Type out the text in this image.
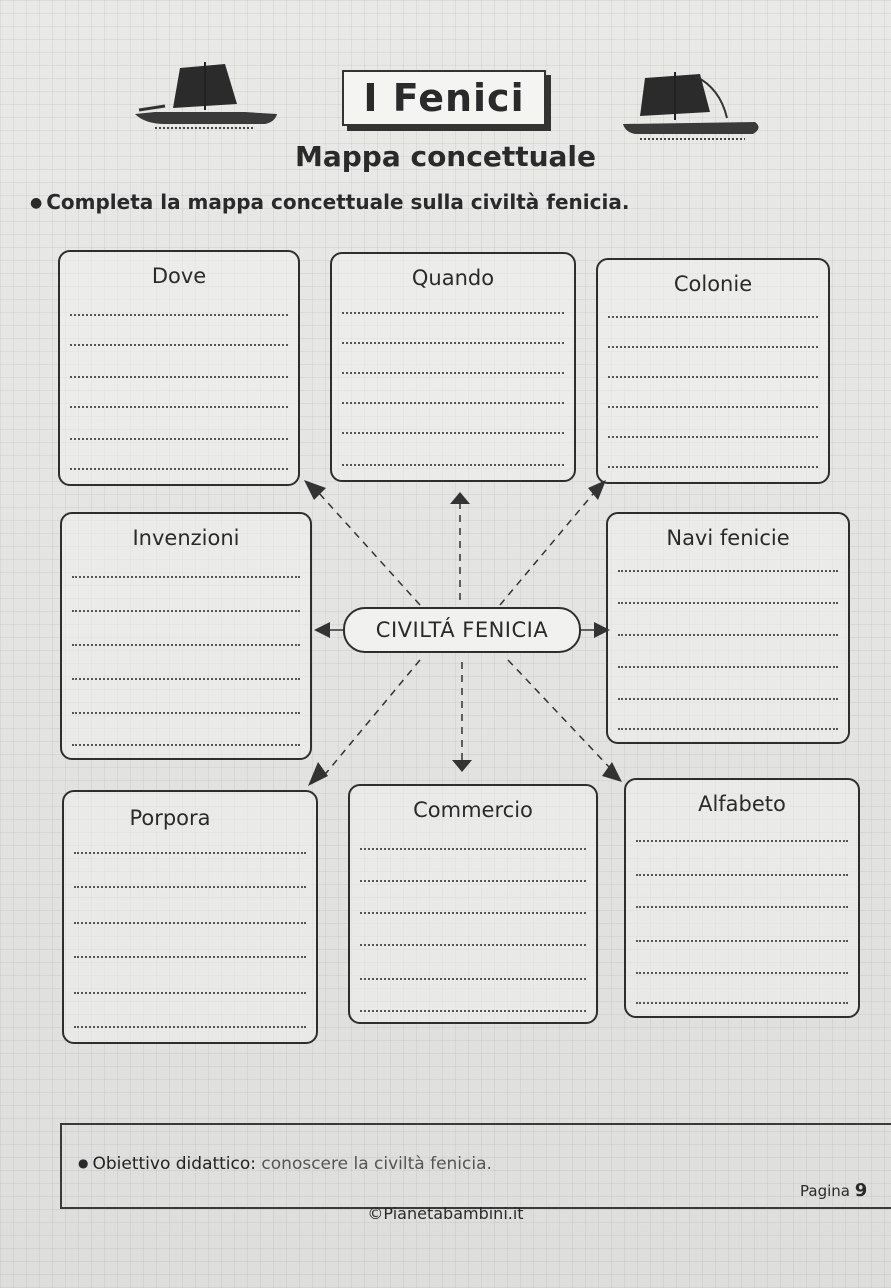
I Fenici
Mappa concettuale
● Completa la mappa concettuale sulla civiltà fenicia.
Dove	Quando	Colonie
Invenzioni	Navi fenicie
Porpora	Commercio	Alfabeto
CIVILTÁ FENICIA
● Obiettivo didattico: conoscere la civiltà fenicia.
Pagina 9
©Pianetabambini.it
